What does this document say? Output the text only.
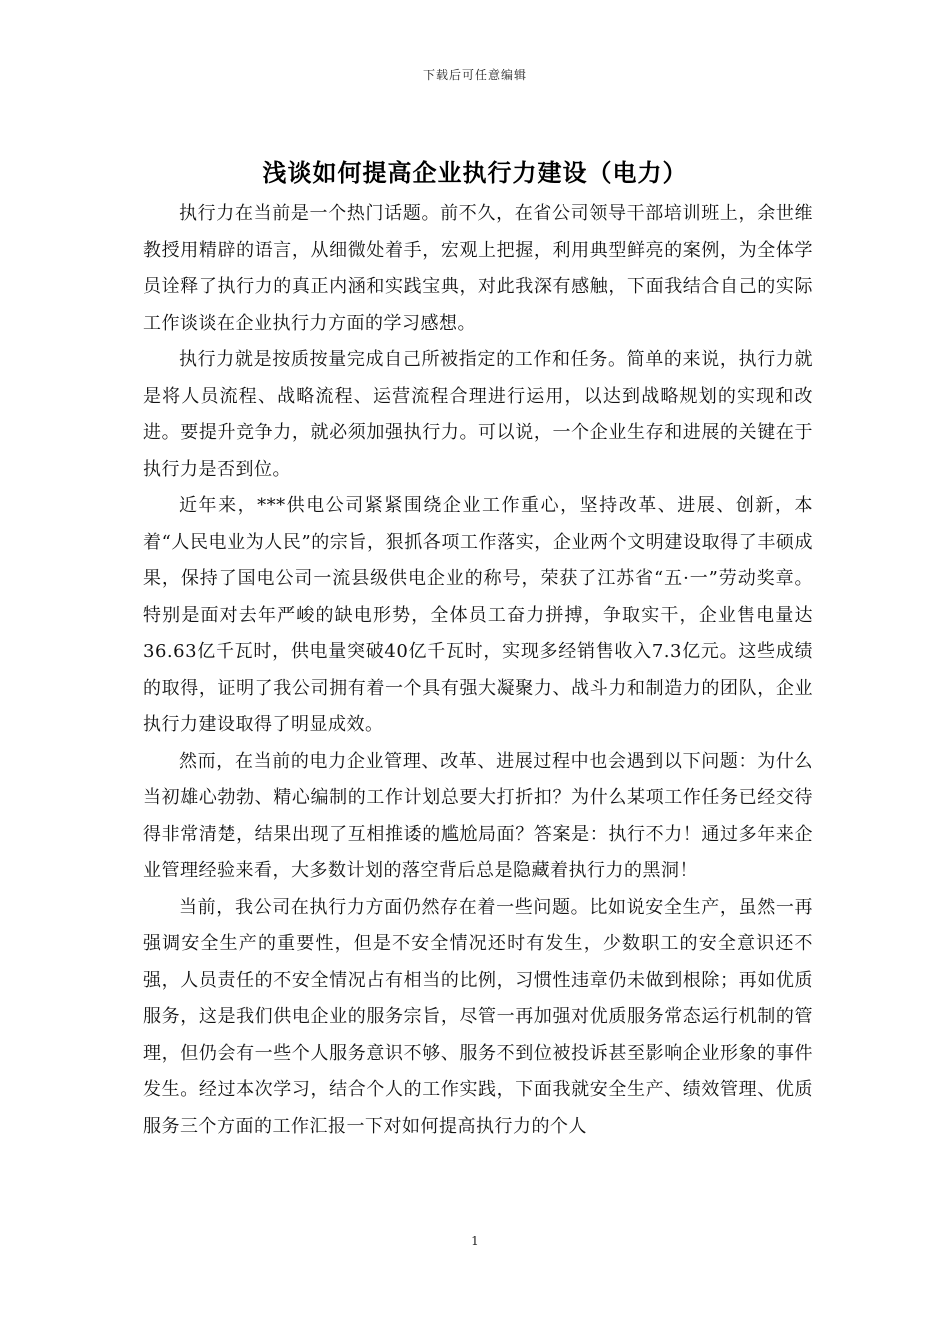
下载后可任意编辑
浅谈如何提高企业执行力建设（电力）

执行力在当前是一个热门话题。前不久，在省公司领导干部培训班上，余世维教授用精辟的语言，从细微处着手，宏观上把握，利用典型鲜亮的案例，为全体学员诠释了执行力的真正内涵和实践宝典，对此我深有感触，下面我结合自己的实际工作谈谈在企业执行力方面的学习感想。

执行力就是按质按量完成自己所被指定的工作和任务。简单的来说，执行力就是将人员流程、战略流程、运营流程合理进行运用，以达到战略规划的实现和改进。要提升竞争力，就必须加强执行力。可以说，一个企业生存和进展的关键在于执行力是否到位。

近年来，***供电公司紧紧围绕企业工作重心，坚持改革、进展、创新，本着“人民电业为人民”的宗旨，狠抓各项工作落实，企业两个文明建设取得了丰硕成果，保持了国电公司一流县级供电企业的称号，荣获了江苏省“五·一”劳动奖章。特别是面对去年严峻的缺电形势，全体员工奋力拼搏，争取实干，企业售电量达36.63亿千瓦时，供电量突破40亿千瓦时，实现多经销售收入7.3亿元。这些成绩的取得，证明了我公司拥有着一个具有强大凝聚力、战斗力和制造力的团队，企业执行力建设取得了明显成效。

然而，在当前的电力企业管理、改革、进展过程中也会遇到以下问题：为什么当初雄心勃勃、精心编制的工作计划总要大打折扣？为什么某项工作任务已经交待得非常清楚，结果出现了互相推诿的尴尬局面？答案是：执行不力！通过多年来企业管理经验来看，大多数计划的落空背后总是隐藏着执行力的黑洞！

当前，我公司在执行力方面仍然存在着一些问题。比如说安全生产，虽然一再强调安全生产的重要性，但是不安全情况还时有发生，少数职工的安全意识还不强，人员责任的不安全情况占有相当的比例，习惯性违章仍未做到根除；再如优质服务，这是我们供电企业的服务宗旨，尽管一再加强对优质服务常态运行机制的管理，但仍会有一些个人服务意识不够、服务不到位被投诉甚至影响企业形象的事件发生。经过本次学习，结合个人的工作实践，下面我就安全生产、绩效管理、优质服务三个方面的工作汇报一下对如何提高执行力的个人

1
